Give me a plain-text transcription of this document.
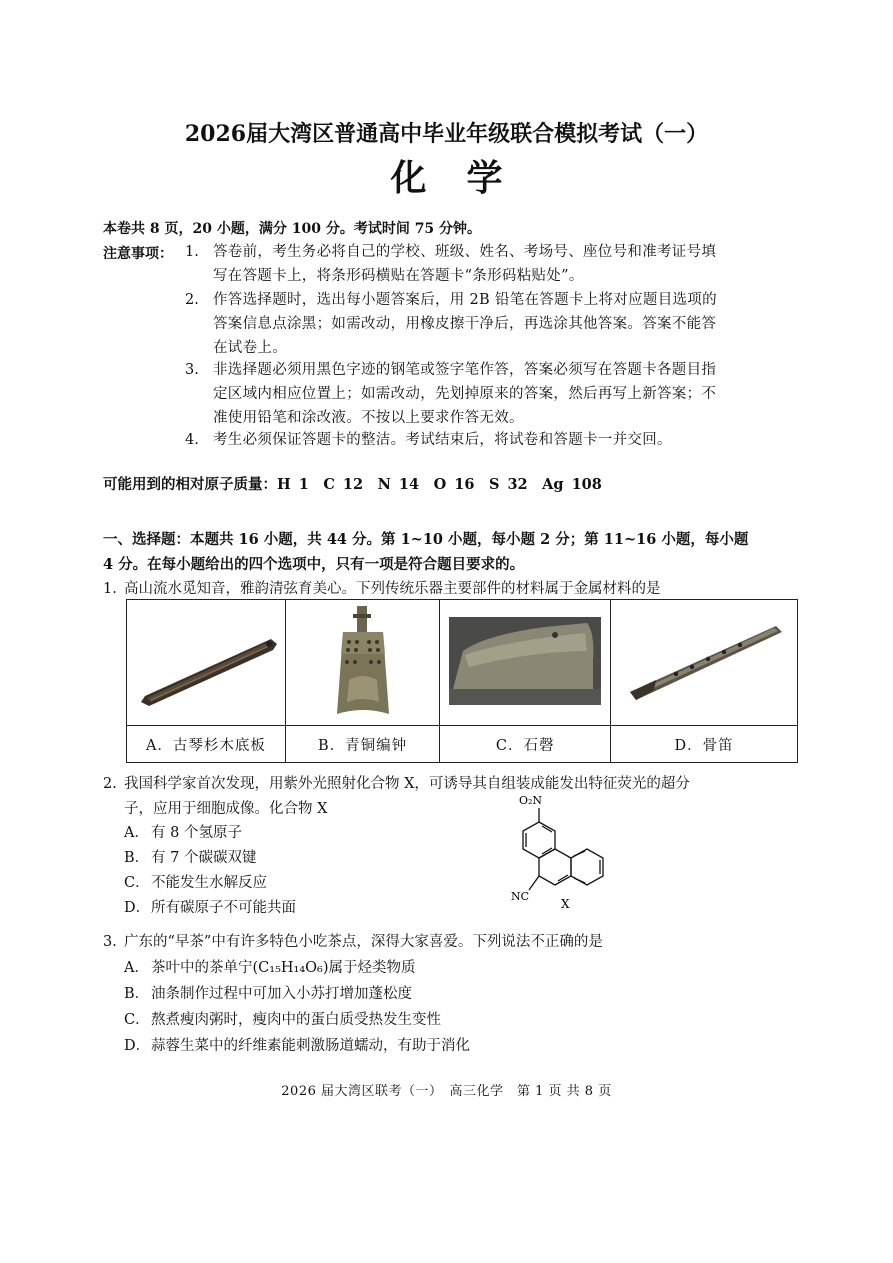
2026届大湾区普通高中毕业年级联合模拟考试（一）
化学
本卷共 8 页，20 小题，满分 100 分。考试时间 75 分钟。
注意事项： 1. 答卷前，考生务必将自己的学校、班级、姓名、考场号、座位号和准考证号填
写在答题卡上，将条形码横贴在答题卡“条形码粘贴处”。
2. 作答选择题时，选出每小题答案后，用 2B 铅笔在答题卡上将对应题目选项的
答案信息点涂黑；如需改动，用橡皮擦干净后，再选涂其他答案。答案不能答
在试卷上。
3. 非选择题必须用黑色字迹的钢笔或签字笔作答，答案必须写在答题卡各题目指
定区域内相应位置上；如需改动，先划掉原来的答案，然后再写上新答案；不
准使用铅笔和涂改液。不按以上要求作答无效。
4. 考生必须保证答题卡的整洁。考试结束后，将试卷和答题卡一并交回。
可能用到的相对原子质量：H 1　C 12　N 14　O 16　S 32　Ag 108
一、选择题：本题共 16 小题，共 44 分。第 1~10 小题，每小题 2 分；第 11~16 小题，每小题
4 分。在每小题给出的四个选项中，只有一项是符合题目要求的。
1. 高山流水觅知音，雅韵清弦育美心。下列传统乐器主要部件的材料属于金属材料的是

A．古琴杉木底板	B．青铜编钟	C．石磬	D．骨笛
2. 我国科学家首次发现，用紫外光照射化合物 X，可诱导其自组装成能发出特征荧光的超分
子，应用于细胞成像。化合物 X
A． 有 8 个氢原子
B． 有 7 个碳碳双键
C．不能发生水解反应
D．所有碳原子不可能共面
O₂N
NC
X
3. 广东的“早茶”中有许多特色小吃茶点，深得大家喜爱。下列说法不正确的是
A． 茶叶中的茶单宁(C₁₅H₁₄O₆)属于烃类物质
B． 油条制作过程中可加入小苏打增加蓬松度
C．熬煮瘦肉粥时，瘦肉中的蛋白质受热发生变性
D．蒜蓉生菜中的纤维素能刺激肠道蠕动，有助于消化
2026 届大湾区联考（一）　高三化学　第 1 页 共 8 页
